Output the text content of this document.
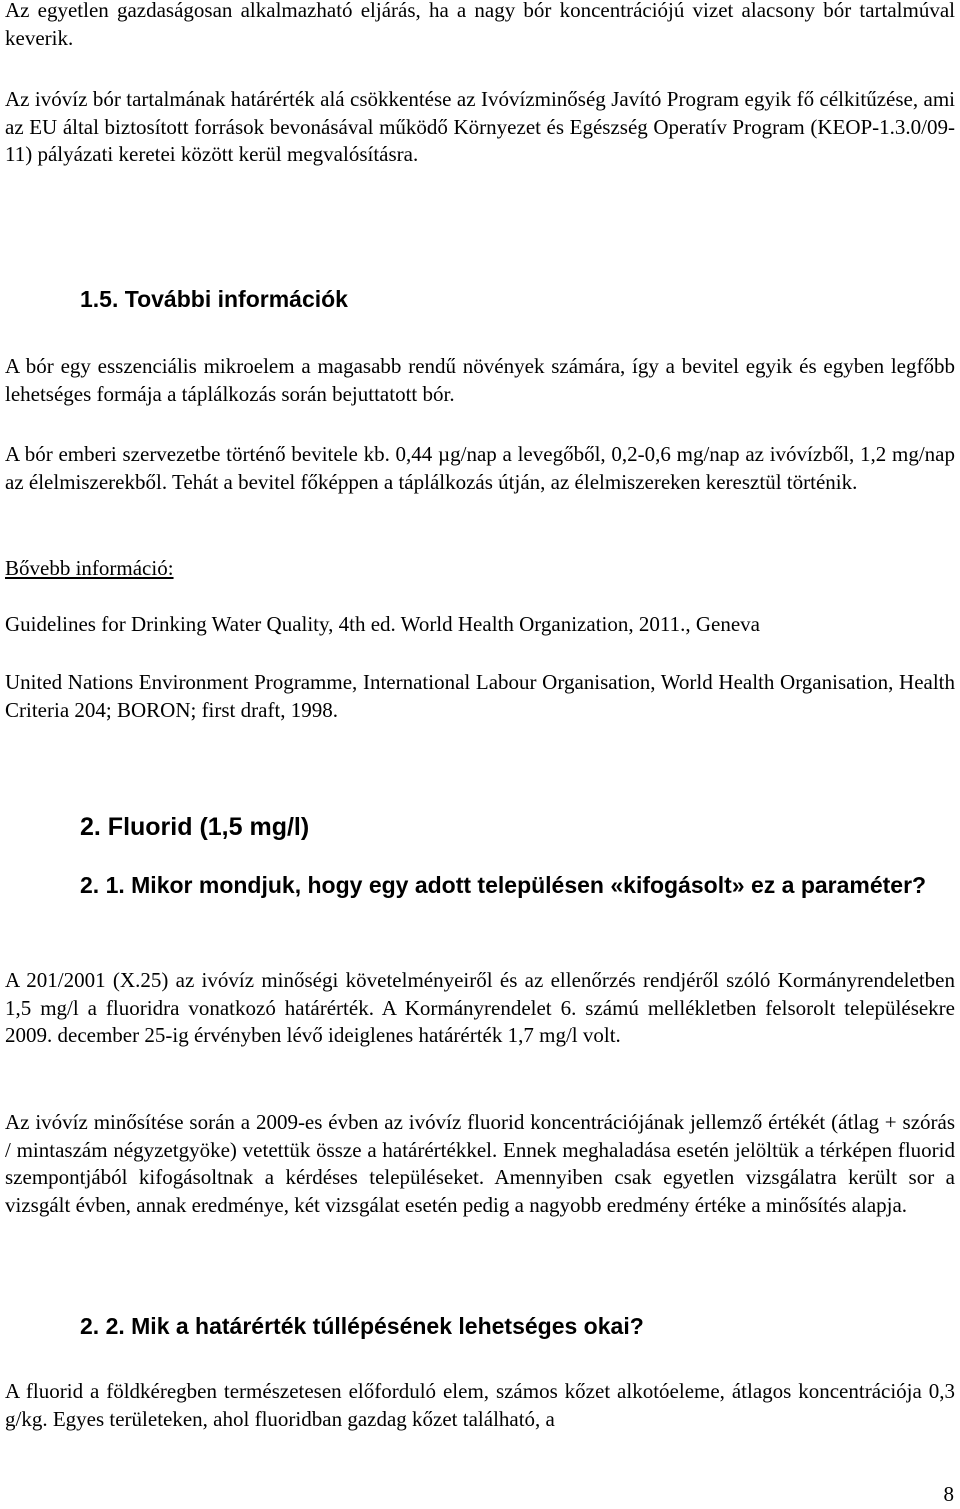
Az egyetlen gazdaságosan alkalmazható eljárás, ha a nagy bór koncentrációjú vizet alacsony bór tartalmúval keverik.

Az ivóvíz bór tartalmának határérték alá csökkentése az Ivóvízminőség Javító Program egyik fő célkitűzése, ami az EU által biztosított források bevonásával működő Környezet és Egészség Operatív Program (KEOP-1.3.0/09-11) pályázati keretei között kerül megvalósításra.

1.5. További információk

A bór egy esszenciális mikroelem a magasabb rendű növények számára, így a bevitel egyik és egyben legfőbb lehetséges formája a táplálkozás során bejuttatott bór.

A bór emberi szervezetbe történő bevitele kb. 0,44 µg/nap a levegőből, 0,2-0,6 mg/nap az ivóvízből, 1,2 mg/nap az élelmiszerekből. Tehát a bevitel főképpen a táplálkozás útján, az élelmiszereken keresztül történik.

Bővebb információ:

Guidelines for Drinking Water Quality, 4th ed. World Health Organization, 2011., Geneva

United Nations Environment Programme, International Labour Organisation, World Health Organisation, Health Criteria 204; BORON; first draft, 1998.

2. Fluorid (1,5 mg/l)
2. 1. Mikor mondjuk, hogy egy adott településen «kifogásolt» ez a paraméter?

A 201/2001 (X.25) az ivóvíz minőségi követelményeiről és az ellenőrzés rendjéről szóló Kormányrendeletben 1,5 mg/l a fluoridra vonatkozó határérték. A Kormányrendelet 6. számú mellékletben felsorolt településekre 2009. december 25-ig érvényben lévő ideiglenes határérték 1,7 mg/l volt.

Az ivóvíz minősítése során a 2009-es évben az ivóvíz fluorid koncentrációjának jellemző értékét (átlag + szórás / mintaszám négyzetgyöke) vetettük össze a határértékkel. Ennek meghaladása esetén jelöltük a térképen fluorid szempontjából kifogásoltnak a kérdéses településeket. Amennyiben csak egyetlen vizsgálatra került sor a vizsgált évben, annak eredménye, két vizsgálat esetén pedig a nagyobb eredmény értéke a minősítés alapja.

2. 2. Mik a határérték túllépésének lehetséges okai?

A fluorid a földkéregben természetesen előforduló elem, számos kőzet alkotóeleme, átlagos koncentrációja 0,3 g/kg. Egyes területeken, ahol fluoridban gazdag kőzet található, a

8
